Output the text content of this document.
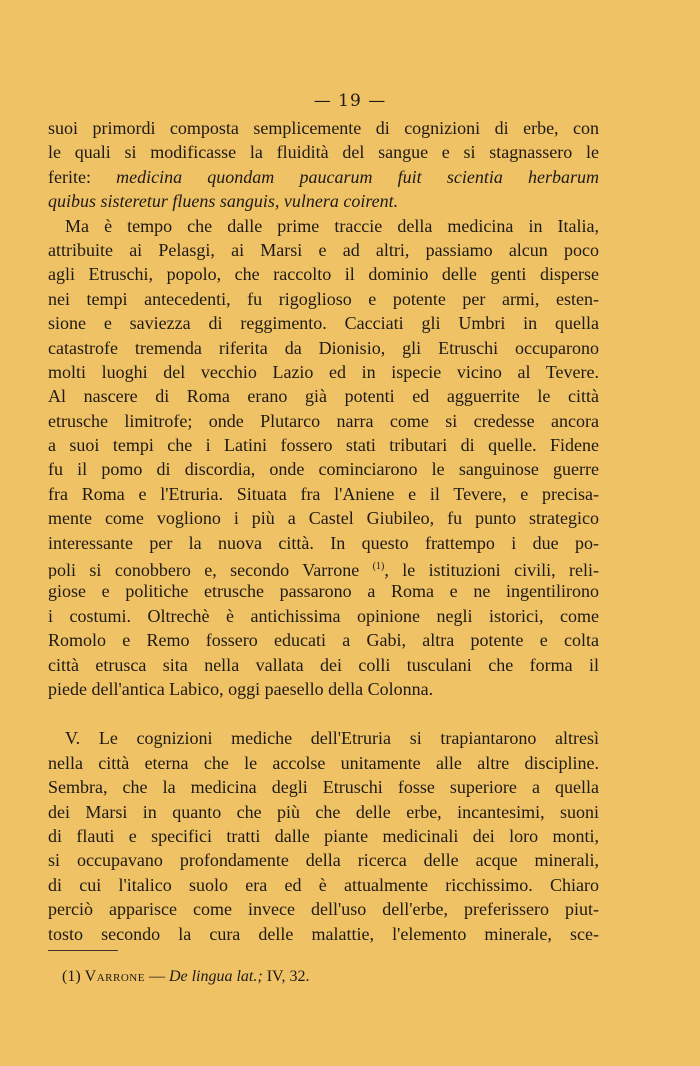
— 19 —
suoi primordi composta semplicemente di cognizioni di erbe, con
le quali si modificasse la fluidità del sangue e si stagnassero le
ferite: medicina quondam paucarum fuit scientia herbarum
quibus sisteretur fluens sanguis, vulnera coirent.
Ma è tempo che dalle prime traccie della medicina in Italia,
attribuite ai Pelasgi, ai Marsi e ad altri, passiamo alcun poco
agli Etruschi, popolo, che raccolto il dominio delle genti disperse
nei tempi antecedenti, fu rigoglioso e potente per armi, esten-
sione e saviezza di reggimento. Cacciati gli Umbri in quella
catastrofe tremenda riferita da Dionisio, gli Etruschi occuparono
molti luoghi del vecchio Lazio ed in ispecie vicino al Tevere.
Al nascere di Roma erano già potenti ed agguerrite le città
etrusche limitrofe; onde Plutarco narra come si credesse ancora
a suoi tempi che i Latini fossero stati tributari di quelle. Fidene
fu il pomo di discordia, onde cominciarono le sanguinose guerre
fra Roma e l'Etruria. Situata fra l'Aniene e il Tevere, e precisa-
mente come vogliono i più a Castel Giubileo, fu punto strategico
interessante per la nuova città. In questo frattempo i due po-
poli si conobbero e, secondo Varrone $^{(1)}$, le istituzioni civili, reli-
giose e politiche etrusche passarono a Roma e ne ingentilirono
i costumi. Oltrechè è antichissima opinione negli istorici, come
Romolo e Remo fossero educati a Gabi, altra potente e colta
città etrusca sita nella vallata dei colli tusculani che forma il
piede dell'antica Labico, oggi paesello della Colonna.
V. Le cognizioni mediche dell'Etruria si trapiantarono altresì
nella città eterna che le accolse unitamente alle altre discipline.
Sembra, che la medicina degli Etruschi fosse superiore a quella
dei Marsi in quanto che più che delle erbe, incantesimi, suoni
di flauti e specifici tratti dalle piante medicinali dei loro monti,
si occupavano profondamente della ricerca delle acque minerali,
di cui l'italico suolo era ed è attualmente ricchissimo. Chiaro
perciò apparisce come invece dell'uso dell'erbe, preferissero piut-
tosto secondo la cura delle malattie, l'elemento minerale, sce-
(1) Varrone — De lingua lat.; IV, 32.
